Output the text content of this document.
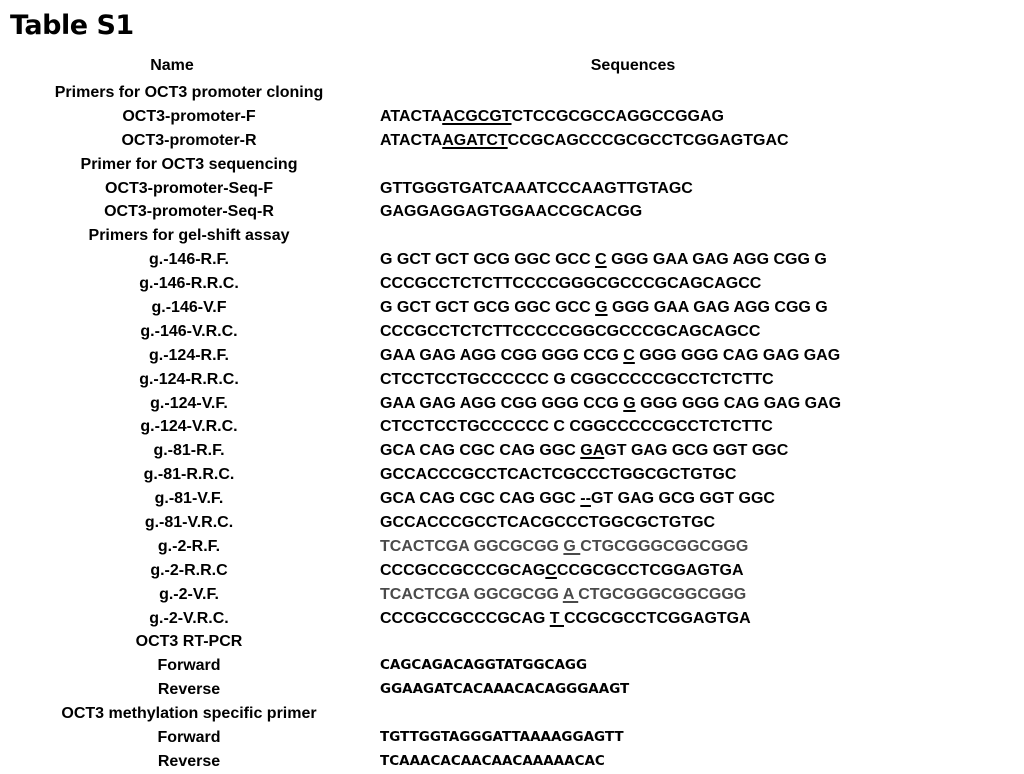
Table S1
Name	Sequences
Primers for OCT3 promoter cloning
OCT3-promoter-F	ATACTAACGCGTCTCCGCGCCAGGCCGGAG
OCT3-promoter-R	ATACTAAGATCTCCGCAGCCCGCGCCTCGGAGTGAC
Primer for OCT3 sequencing
OCT3-promoter-Seq-F	GTTGGGTGATCAAATCCCAAGTTGTAGC
OCT3-promoter-Seq-R	GAGGAGGAGTGGAACCGCACGG
Primers for gel-shift assay
g.-146-R.F.	G GCT GCT GCG GGC GCC C GGG GAA GAG AGG CGG G
g.-146-R.R.C.	CCCGCCTCTCTTCCCCGGGCGCCCGCAGCAGCC
g.-146-V.F	G GCT GCT GCG GGC GCC G GGG GAA GAG AGG CGG G
g.-146-V.R.C.	CCCGCCTCTCTTCCCCCGGCGCCCGCAGCAGCC
g.-124-R.F.	GAA GAG AGG CGG GGG CCG C GGG GGG CAG GAG GAG
g.-124-R.R.C.	CTCCTCCTGCCCCCC G CGGCCCCCGCCTCTCTTC
g.-124-V.F.	GAA GAG AGG CGG GGG CCG G GGG GGG CAG GAG GAG
g.-124-V.R.C.	CTCCTCCTGCCCCCC C CGGCCCCCGCCTCTCTTC
g.-81-R.F.	GCA CAG CGC CAG GGC GAGT GAG GCG GGT GGC
g.-81-R.R.C.	GCCACCCGCCTCACTCGCCCTGGCGCTGTGC
g.-81-V.F.	GCA CAG CGC CAG GGC --GT GAG GCG GGT GGC
g.-81-V.R.C.	GCCACCCGCCTCACGCCCTGGCGCTGTGC
g.-2-R.F.	TCACTCGA GGCGCGG G CTGCGGGCGGCGGG
g.-2-R.R.C	CCCGCCGCCCGCAGCCCGCGCCTCGGAGTGA
g.-2-V.F.	TCACTCGA GGCGCGG A CTGCGGGCGGCGGG
g.-2-V.R.C.	CCCGCCGCCCGCAG T CCGCGCCTCGGAGTGA
OCT3 RT-PCR
Forward	CAGCAGACAGGTATGGCAGG
Reverse	GGAAGATCACAAACACAGGGAAGT
OCT3 methylation specific primer
Forward	TGTTGGTAGGGATTAAAAGGAGTT
Reverse	TCAAACACAACAACAAAAACAC
